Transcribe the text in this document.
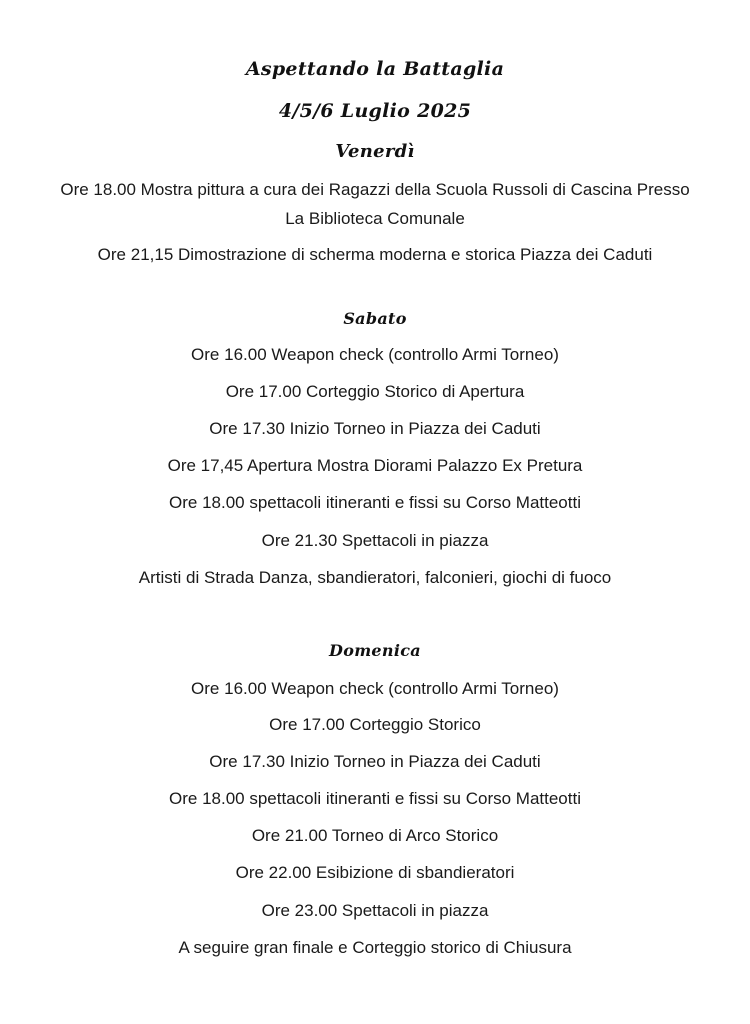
Aspettando la Battaglia
4/5/6 Luglio 2025
Venerdì
Ore 18.00 Mostra pittura a cura dei Ragazzi della Scuola Russoli di Cascina Presso La Biblioteca Comunale
Ore 21,15 Dimostrazione di scherma moderna e storica Piazza dei Caduti
Sabato
Ore 16.00 Weapon check (controllo Armi Torneo)
Ore 17.00 Corteggio Storico di Apertura
Ore 17.30 Inizio Torneo in Piazza dei Caduti
Ore 17,45 Apertura Mostra Diorami Palazzo Ex Pretura
Ore 18.00 spettacoli itineranti e fissi su Corso Matteotti
Ore 21.30 Spettacoli in piazza
Artisti di Strada Danza, sbandieratori, falconieri, giochi di fuoco
Domenica
Ore 16.00 Weapon check (controllo Armi Torneo)
Ore 17.00 Corteggio Storico
Ore 17.30 Inizio Torneo in Piazza dei Caduti
Ore 18.00 spettacoli itineranti e fissi su Corso Matteotti
Ore 21.00 Torneo di Arco Storico
Ore 22.00 Esibizione di sbandieratori
Ore 23.00 Spettacoli in piazza
A seguire gran finale e Corteggio storico di Chiusura
